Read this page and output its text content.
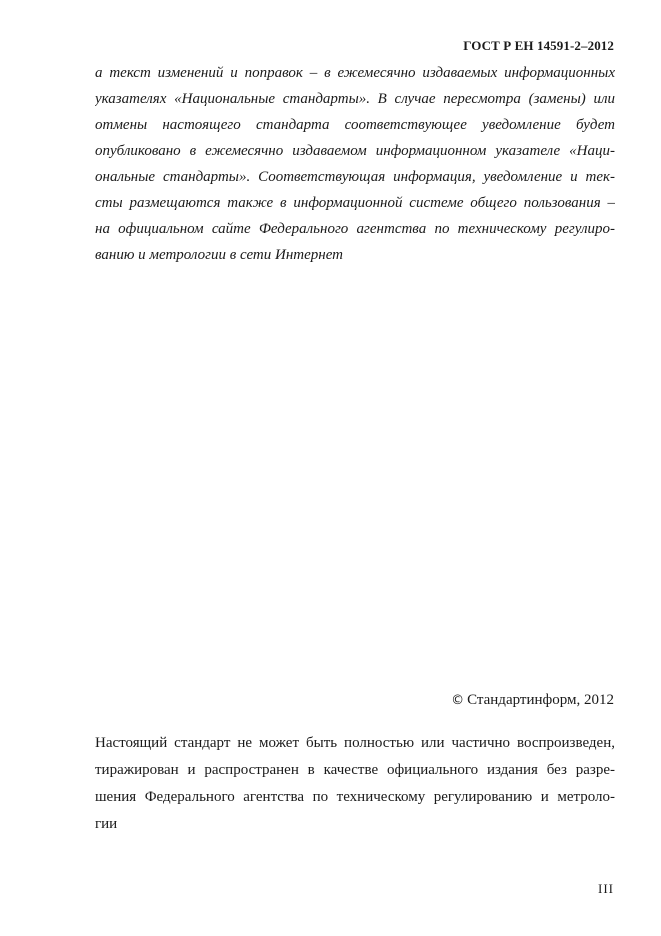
ГОСТ Р ЕН 14591-2–2012
а текст изменений и поправок – в ежемесячно издаваемых информационных
указателях «Национальные стандарты». В случае пересмотра (замены) или
отмены настоящего стандарта соответствующее уведомление будет
опубликовано в ежемесячно издаваемом информационном указателе «Наци-
ональные стандарты». Соответствующая информация, уведомление и тек-
сты размещаются также в информационной системе общего пользования –
на официальном сайте Федерального агентства по техническому регулиро-
ванию и метрологии в сети Интернет
© Стандартинформ, 2012
Настоящий стандарт не может быть полностью или частично воспроизведен,
тиражирован и распространен в качестве официального издания без разре-
шения Федерального агентства по техническому регулированию и метроло-
гии
III
